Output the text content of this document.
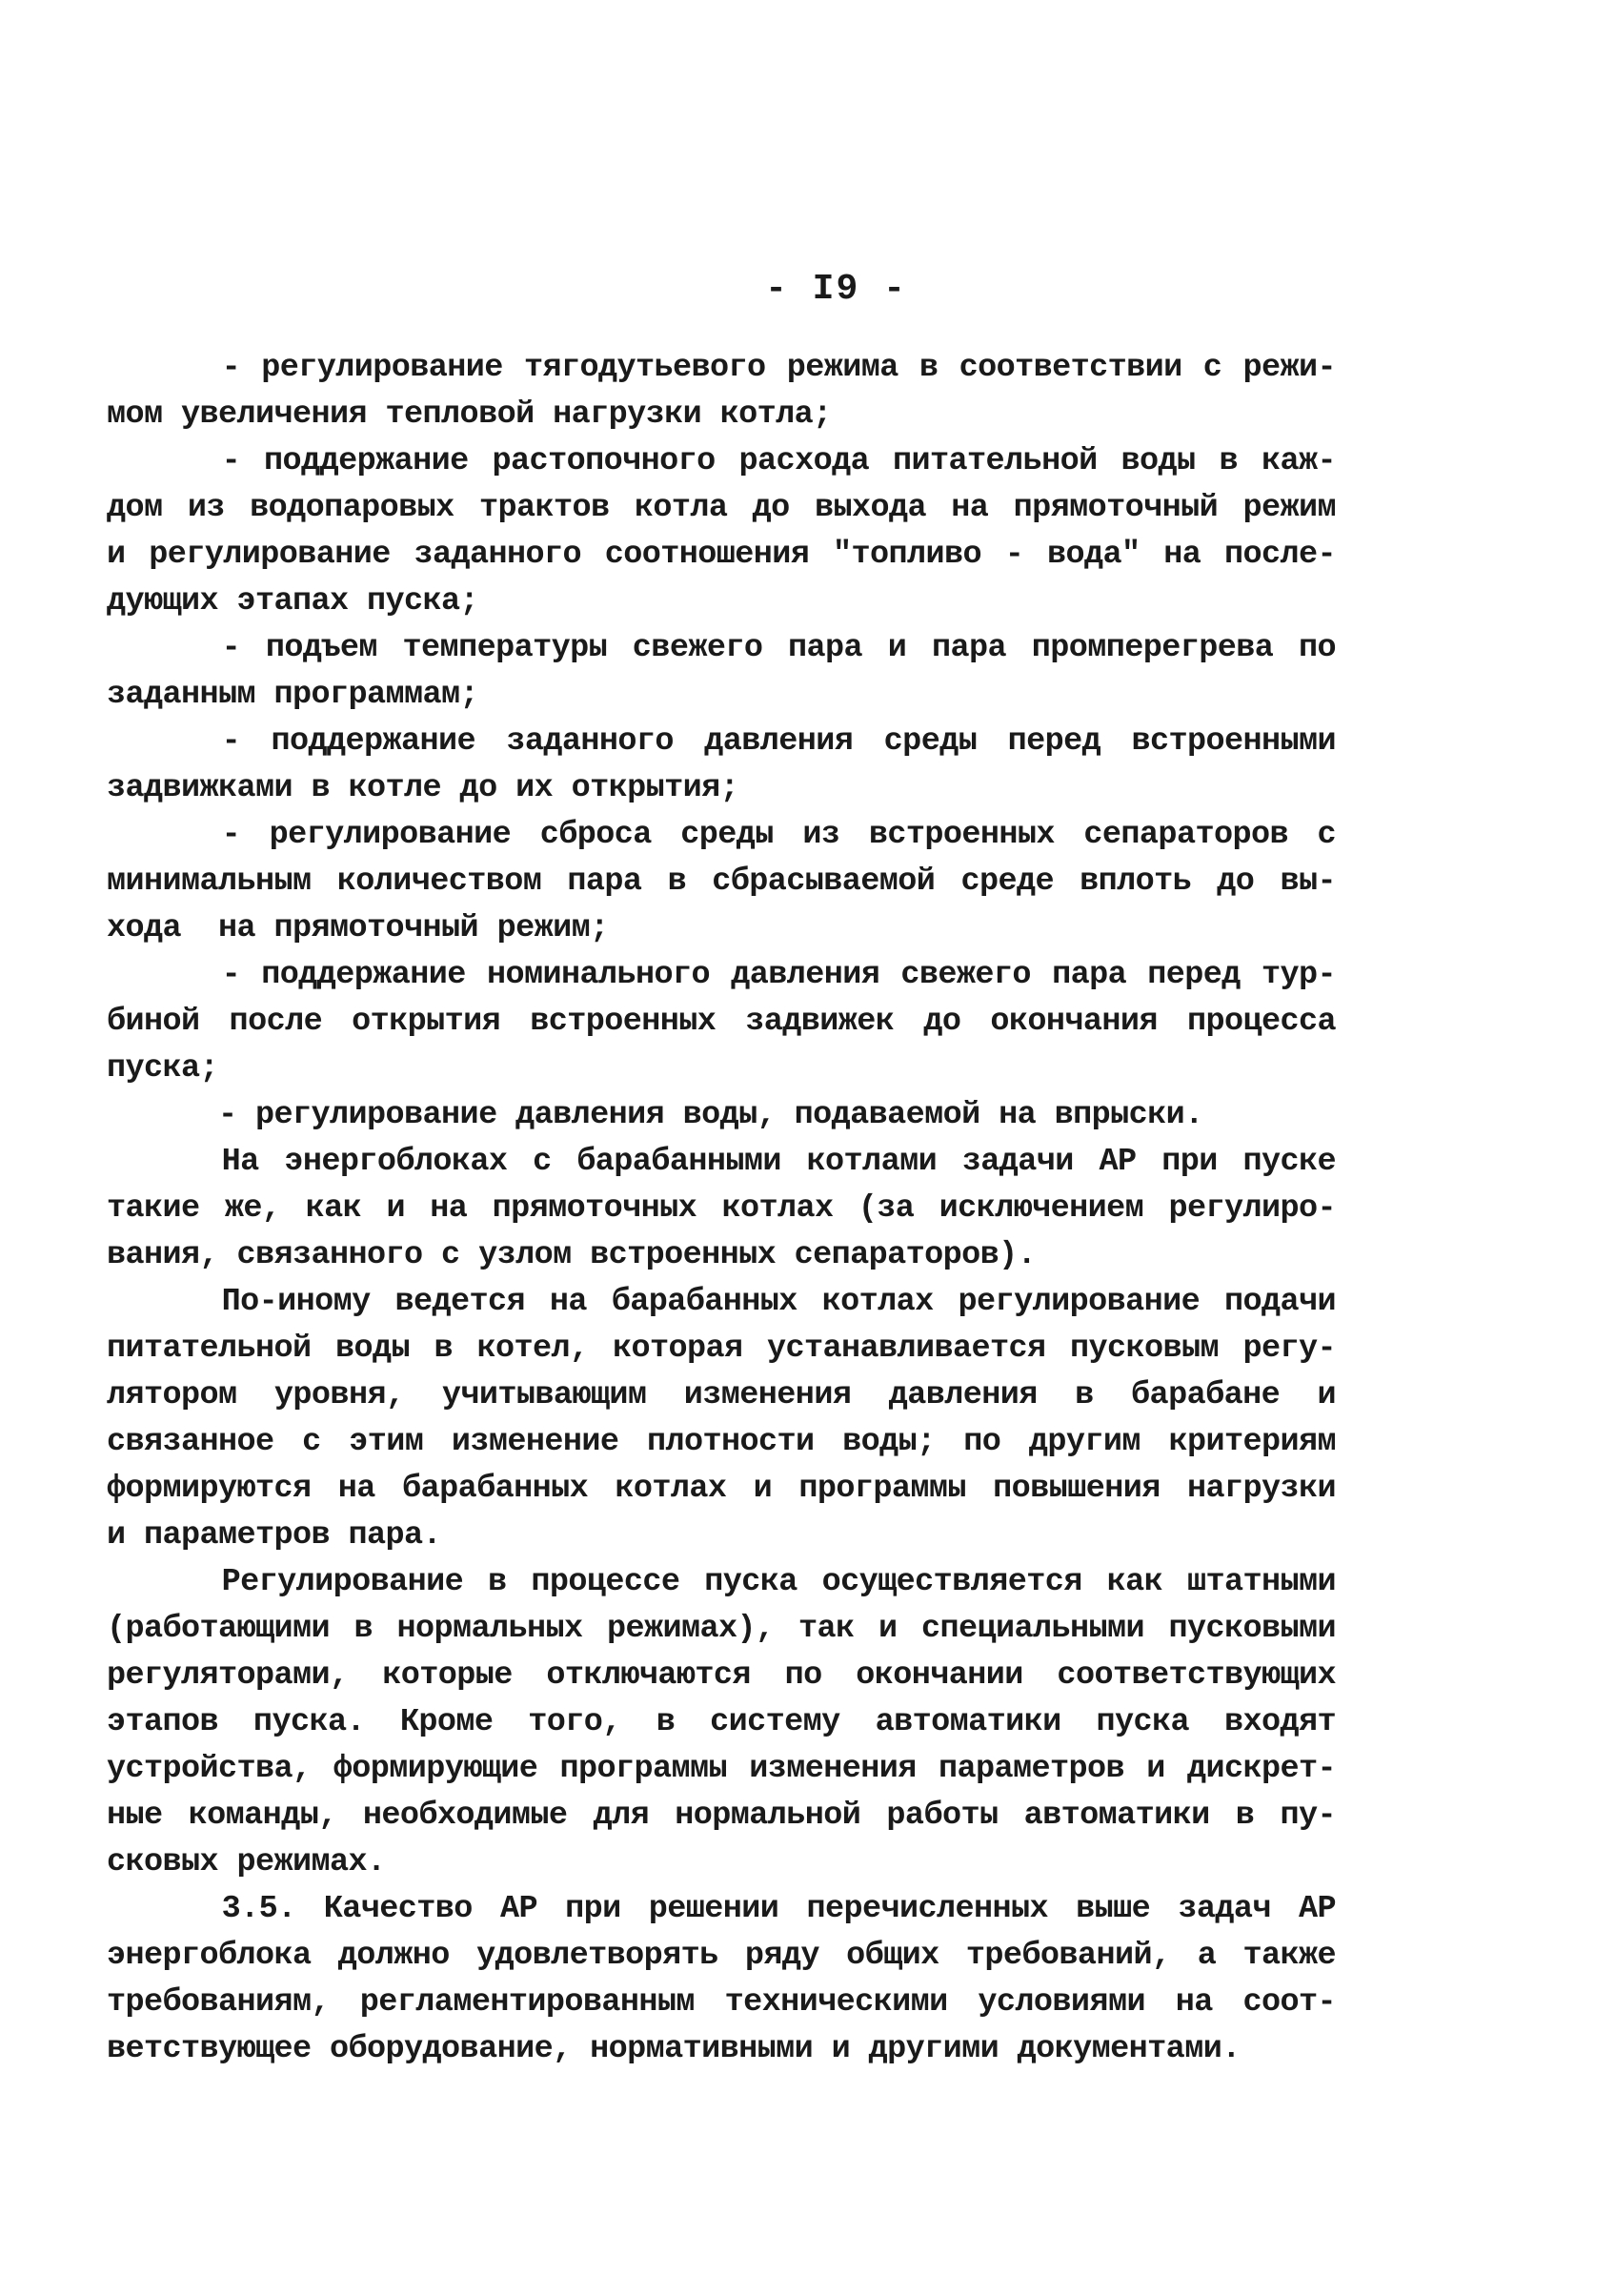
- I9 -
- регулирование тягодутьевого режима в соответствии с режи-
мом увеличения тепловой нагрузки котла;
- поддержание растопочного расхода питательной воды в каж-
дом из водопаровых трактов котла до выхода на прямоточный режим
и регулирование заданного соотношения "топливо - вода" на после-
дующих этапах пуска;
- подъем температуры свежего пара и пара промперегрева по
заданным программам;
- поддержание заданного давления среды перед встроенными
задвижками в котле до их открытия;
- регулирование сброса среды из встроенных сепараторов с
минимальным количеством пара в сбрасываемой среде вплоть до вы-
хода  на прямоточный режим;
- поддержание номинального давления свежего пара перед тур-
биной после открытия встроенных задвижек до окончания процесса
пуска;
- регулирование давления воды, подаваемой на впрыски.
На энергоблоках с барабанными котлами задачи АР при пуске
такие же, как и на прямоточных котлах (за исключением регулиро-
вания, связанного с узлом встроенных сепараторов).
По-иному ведется на барабанных котлах регулирование подачи
питательной воды в котел, которая устанавливается пусковым регу-
лятором уровня, учитывающим изменения давления в барабане и
связанное с этим изменение плотности воды; по другим критериям
формируются на барабанных котлах и программы повышения нагрузки
и параметров пара.
Регулирование в процессе пуска осуществляется как штатными
(работающими в нормальных режимах), так и специальными пусковыми
регуляторами, которые отключаются по окончании соответствующих
этапов пуска. Кроме того, в систему автоматики пуска входят
устройства, формирующие программы изменения параметров и дискрет-
ные команды, необходимые для нормальной работы автоматики в пу-
сковых режимах.
3.5. Качество АР при решении перечисленных выше задач АР
энергоблока должно удовлетворять ряду общих требований, а также
требованиям, регламентированным техническими условиями на соот-
ветствующее оборудование, нормативными и другими документами.
